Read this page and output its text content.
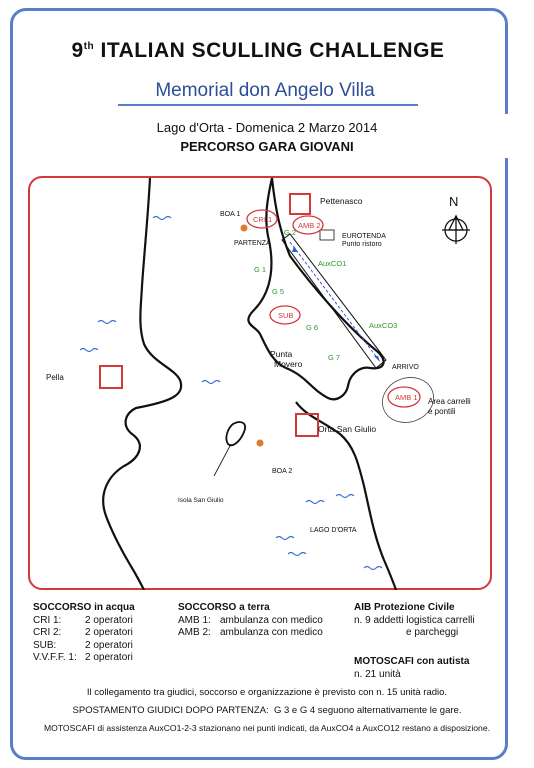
9th ITALIAN SCULLING CHALLENGE
Memorial don Angelo Villa
Lago d'Orta - Domenica 2 Marzo 2014
PERCORSO GARA GIOVANI
N
Pettenasco
Pella
Orta San Giulio
Punta
Movero
Isola San Giulio
LAGO D'ORTA
BOA 1
BOA 2
PARTENZA
ARRIVO
EUROTENDA
Punto ristoro
Area carrelli
e pontili
CRI 1
AMB 2
SUB
AMB 1
G 1
G 2
G 5
G 6
G 7
AuxCO1
AuxCO3
SOCCORSO in acqua
CRI 1: 2 operatori
CRI 2: 2 operatori
SUB:	2 operatori
V.V.F.F. 1: 2 operatori
SOCCORSO a terra
AMB 1: ambulanza con medico
AMB 2: ambulanza con medico
AIB Protezione Civile
n. 9 addetti logistica carrelli
e parcheggi
MOTOSCAFI con autista
n. 21 unità
Il collegamento tra giudici, soccorso e organizzazione è previsto con n. 15 unità radio.
SPOSTAMENTO GIUDICI DOPO PARTENZA: G 3 e G 4 seguono alternativamente le gare.
MOTOSCAFI di assistenza AuxCO1-2-3 stazionano nei punti indicati, da AuxCO4 a AuxCO12 restano a disposizione.
